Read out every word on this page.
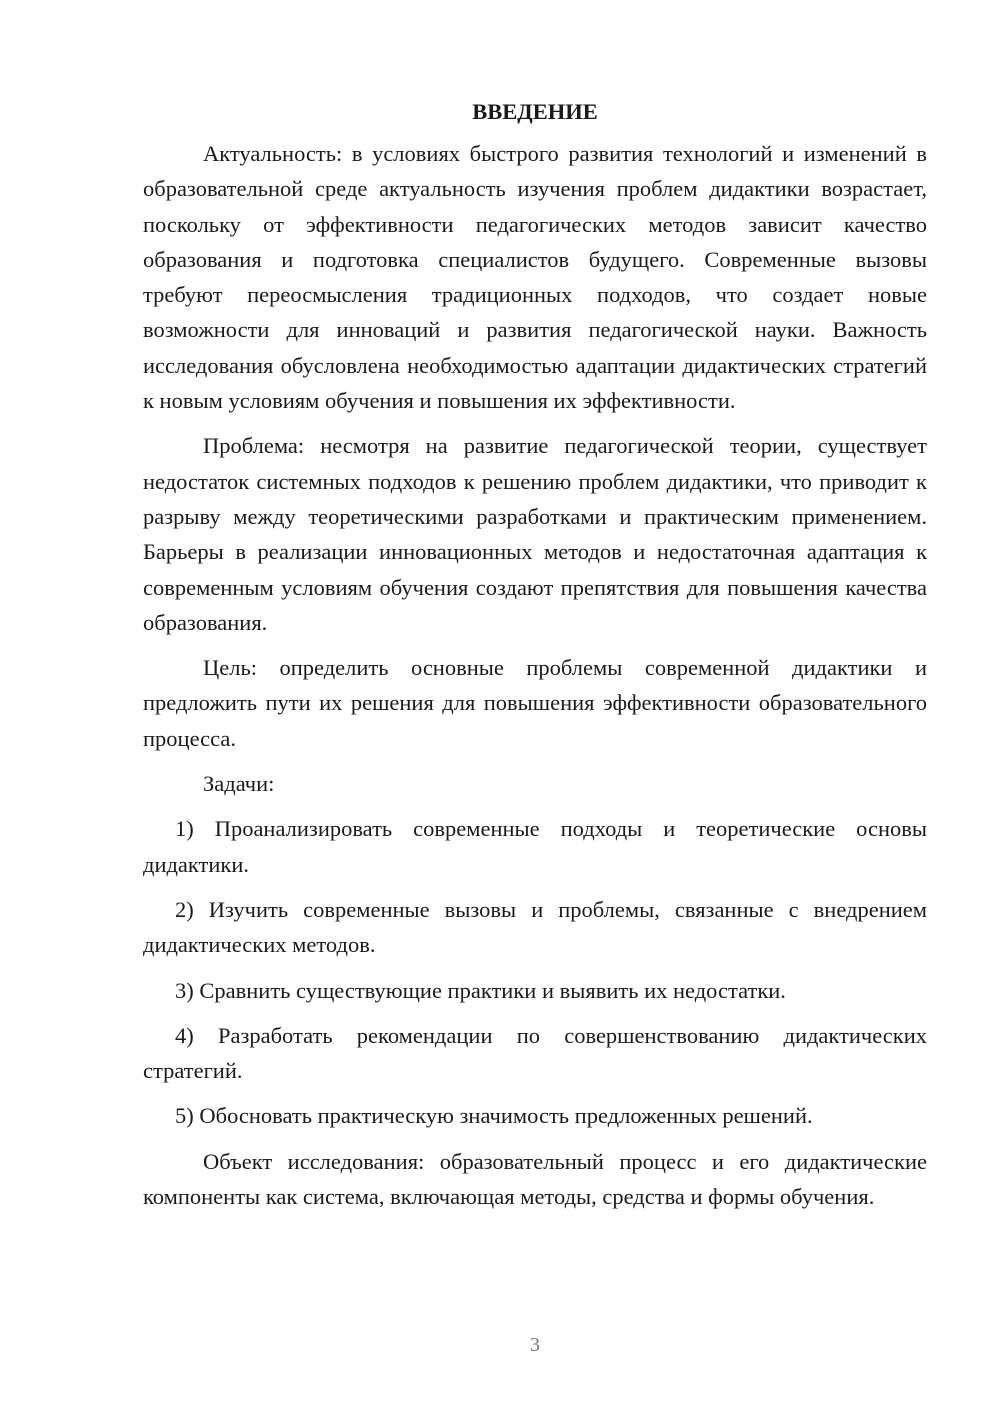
ВВЕДЕНИЕ

Актуальность: в условиях быстрого развития технологий и изменений в образовательной среде актуальность изучения проблем дидактики возрастает, поскольку от эффективности педагогических методов зависит качество образования и подготовка специалистов будущего. Современные вызовы требуют переосмысления традиционных подходов, что создает новые возможности для инноваций и развития педагогической науки. Важность исследования обусловлена необходимостью адаптации дидактических стратегий к новым условиям обучения и повышения их эффективности.

Проблема: несмотря на развитие педагогической теории, существует недостаток системных подходов к решению проблем дидактики, что приводит к разрыву между теоретическими разработками и практическим применением. Барьеры в реализации инновационных методов и недостаточная адаптация к современным условиям обучения создают препятствия для повышения качества образования.

Цель: определить основные проблемы современной дидактики и предложить пути их решения для повышения эффективности образовательного процесса.

Задачи:

1) Проанализировать современные подходы и теоретические основы дидактики.

2) Изучить современные вызовы и проблемы, связанные с внедрением дидактических методов.

3) Сравнить существующие практики и выявить их недостатки.

4) Разработать рекомендации по совершенствованию дидактических стратегий.

5) Обосновать практическую значимость предложенных решений.

Объект исследования: образовательный процесс и его дидактические компоненты как система, включающая методы, средства и формы обучения.

3
